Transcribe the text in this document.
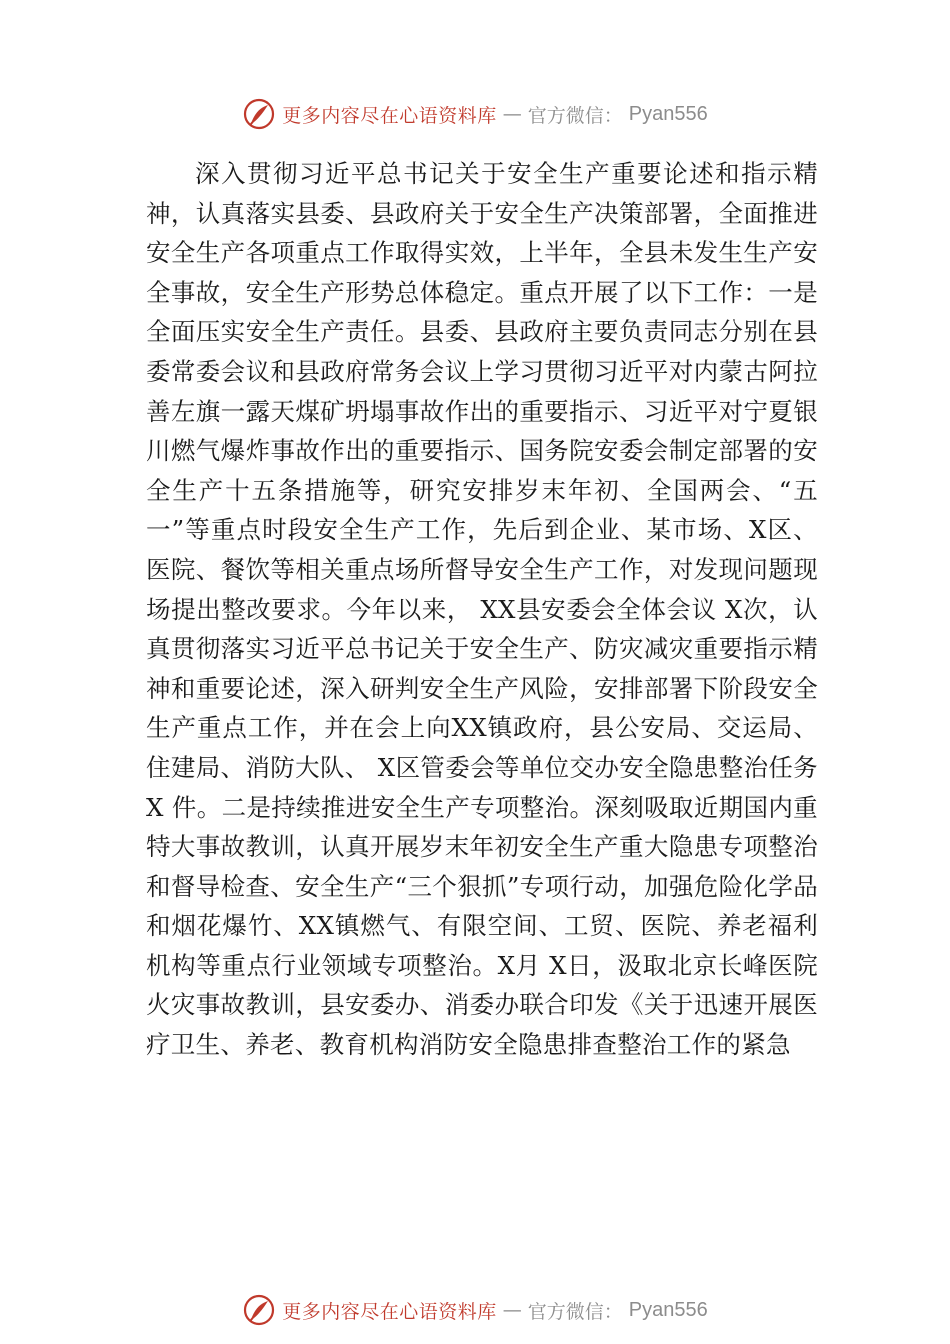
更多内容尽在心语资料库 — 官方微信： Pyan556

深入贯彻习近平总书记关于安全生产重要论述和指示精神，认真落实县委、县政府关于安全生产决策部署，全面推进安全生产各项重点工作取得实效，上半年，全县未发生生产安全事故，安全生产形势总体稳定。重点开展了以下工作：一是全面压实安全生产责任。县委、县政府主要负责同志分别在县委常委会议和县政府常务会议上学习贯彻习近平对内蒙古阿拉善左旗一露天煤矿坍塌事故作出的重要指示、习近平对宁夏银川燃气爆炸事故作出的重要指示、国务院安委会制定部署的安全生产十五条措施等，研究安排岁末年初、全国两会、“五一”等重点时段安全生产工作，先后到企业、某市场、X区、医院、餐饮等相关重点场所督导安全生产工作，对发现问题现场提出整改要求。今年以来， XX县安委会全体会议 X次，认真贯彻落实习近平总书记关于安全生产、防灾减灾重要指示精神和重要论述，深入研判安全生产风险，安排部署下阶段安全生产重点工作，并在会上向XX镇政府，县公安局、交运局、住建局、消防大队、 X区管委会等单位交办安全隐患整治任务 X 件。二是持续推进安全生产专项整治。深刻吸取近期国内重特大事故教训，认真开展岁末年初安全生产重大隐患专项整治和督导检查、安全生产“三个狠抓”专项行动，加强危险化学品和烟花爆竹、XX镇燃气、有限空间、工贸、医院、养老福利机构等重点行业领域专项整治。X月 X日，汲取北京长峰医院火灾事故教训，县安委办、消委办联合印发《关于迅速开展医疗卫生、养老、教育机构消防安全隐患排查整治工作的紧急

更多内容尽在心语资料库 — 官方微信： Pyan556
